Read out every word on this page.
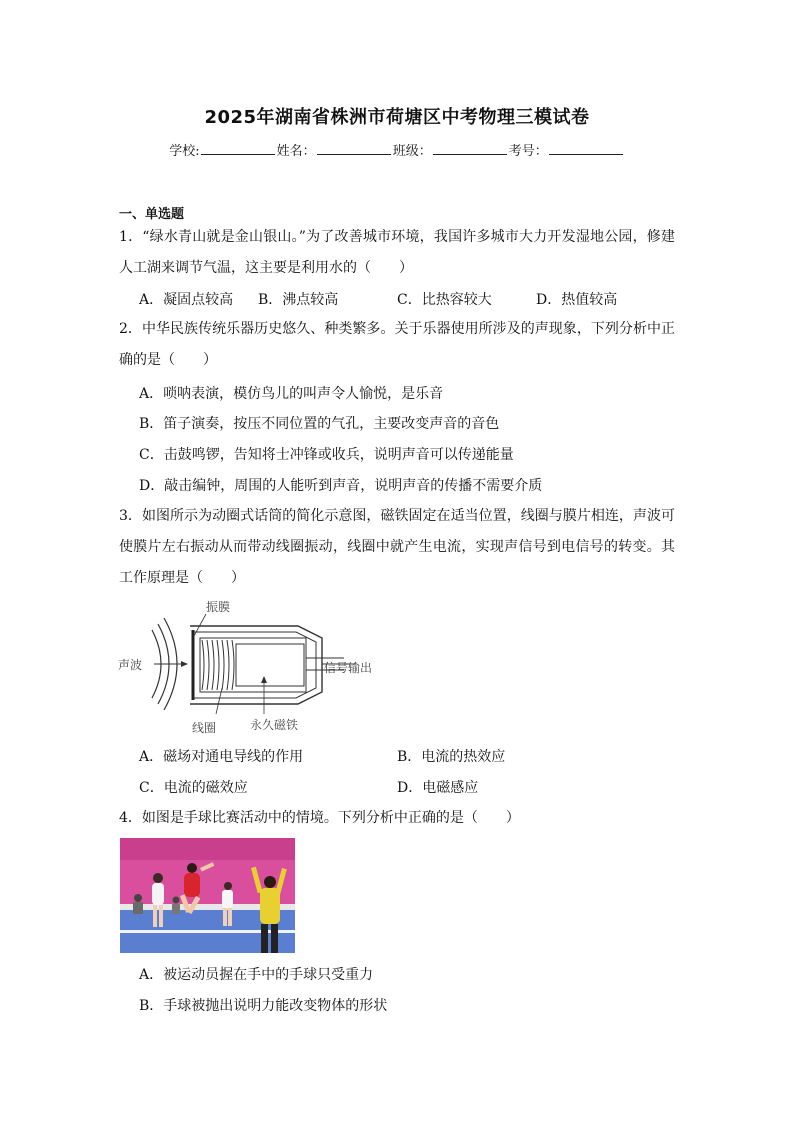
2025年湖南省株洲市荷塘区中考物理三模试卷
学校:	姓名：	班级：	考号：
一、单选题
1．“绿水青山就是金山银山。”为了改善城市环境，我国许多城市大力开发湿地公园，修建人工湖来调节气温，这主要是利用水的（　　）
A．凝固点较高 B．沸点较高	C．比热容较大	D．热值较高
2．中华民族传统乐器历史悠久、种类繁多。关于乐器使用所涉及的声现象，下列分析中正确的是（　　）
A．唢呐表演，模仿鸟儿的叫声令人愉悦，是乐音
B．笛子演奏，按压不同位置的气孔，主要改变声音的音色
C．击鼓鸣锣，告知将士冲锋或收兵，说明声音可以传递能量
D．敲击编钟，周围的人能听到声音，说明声音的传播不需要介质
3．如图所示为动圈式话筒的简化示意图，磁铁固定在适当位置，线圈与膜片相连，声波可使膜片左右振动从而带动线圈振动，线圈中就产生电流，实现声信号到电信号的转变。其工作原理是（　　）
振膜
声波	信号输出
线圈	永久磁铁
A．磁场对通电导线的作用	B．电流的热效应
C．电流的磁效应	D．电磁感应
4．如图是手球比赛活动中的情境。下列分析中正确的是（　　）
A．被运动员握在手中的手球只受重力
B．手球被抛出说明力能改变物体的形状
